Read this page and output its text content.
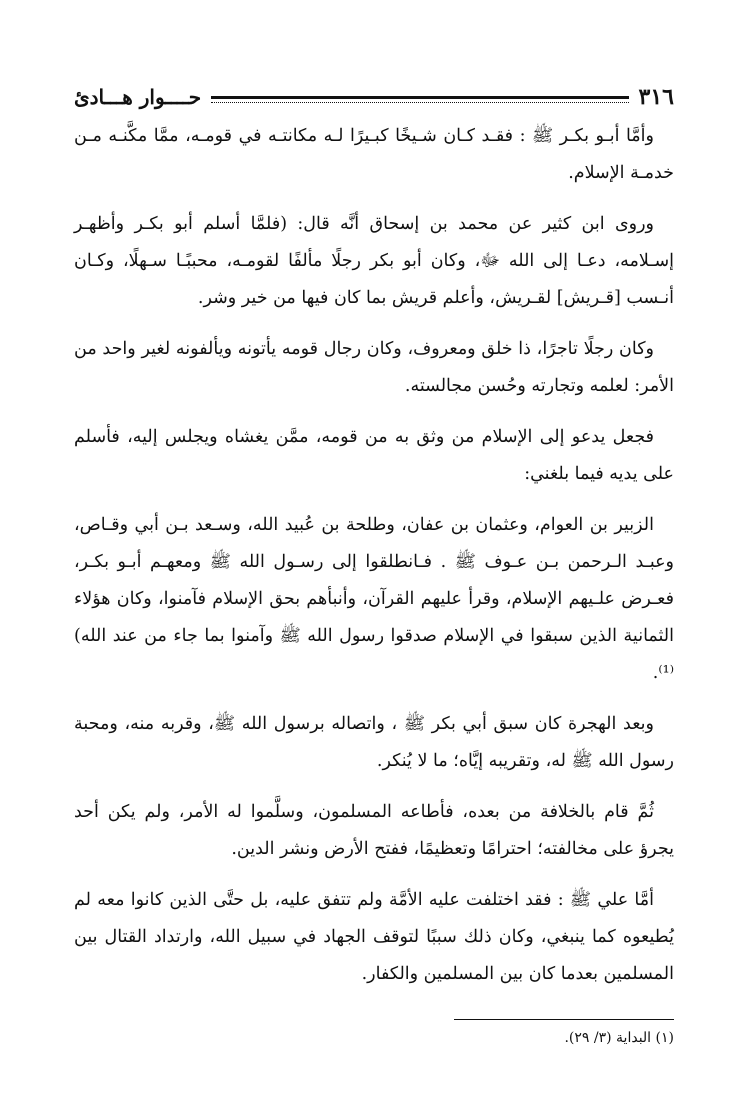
٣١٦
حــــوار هـــادئ

وأمَّا أبـو بكـر ﷺ : فقـد كـان شـيخًا كبـيرًا لـه مكانتـه في قومـه، ممَّا مكَّنـه مـن خدمـة الإسلام.

وروى ابن كثير عن محمد بن إسحاق أنَّه قال: (فلمَّا أسلم أبو بكـر وأظهـر إسـلامه، دعـا إلى الله ﷻ، وكان أبو بكر رجلًا مألفًا لقومـه، محببًـا سـهلًا، وكـان أنـسب [قـريش] لقـريش، وأعلم قريش بما كان فيها من خير وشر.

وكان رجلًا تاجرًا، ذا خلق ومعروف، وكان رجال قومه يأتونه ويألفونه لغير واحد من الأمر: لعلمه وتجارته وحُسن مجالسته.

فجعل يدعو إلى الإسلام من وثق به من قومه، ممَّن يغشاه ويجلس إليه، فأسلم على يديه فيما بلغني:

الزبير بن العوام، وعثمان بن عفان، وطلحة بن عُبيد الله، وسـعد بـن أبي وقـاص، وعبـد الـرحمن بـن عـوف ﷺ . فـانطلقوا إلى رسـول الله ﷺ ومعهـم أبـو بكـر، فعـرض علـيهم الإسلام، وقرأ عليهم القرآن، وأنبأهم بحق الإسلام فآمنوا، وكان هؤلاء الثمانية الذين سبقوا في الإسلام صدقوا رسول الله ﷺ وآمنوا بما جاء من عند الله)⁽¹⁾.

وبعد الهجرة كان سبق أبي بكر ﷺ ، واتصاله برسول الله ﷺ، وقربه منه، ومحبة رسول الله ﷺ له، وتقريبه إيَّاه؛ ما لا يُنكر.

ثُمَّ قام بالخلافة من بعده، فأطاعه المسلمون، وسلَّموا له الأمر، ولم يكن أحد يجرؤ على مخالفته؛ احترامًا وتعظيمًا، ففتح الأرض ونشر الدين.

أمَّا علي ﷺ : فقد اختلفت عليه الأمَّة ولم تتفق عليه، بل حتَّى الذين كانوا معه لم يُطيعوه كما ينبغي، وكان ذلك سببًا لتوقف الجهاد في سبيل الله، وارتداد القتال بين المسلمين بعدما كان بين المسلمين والكفار.

(١) البداية (٣/ ٢٩).
